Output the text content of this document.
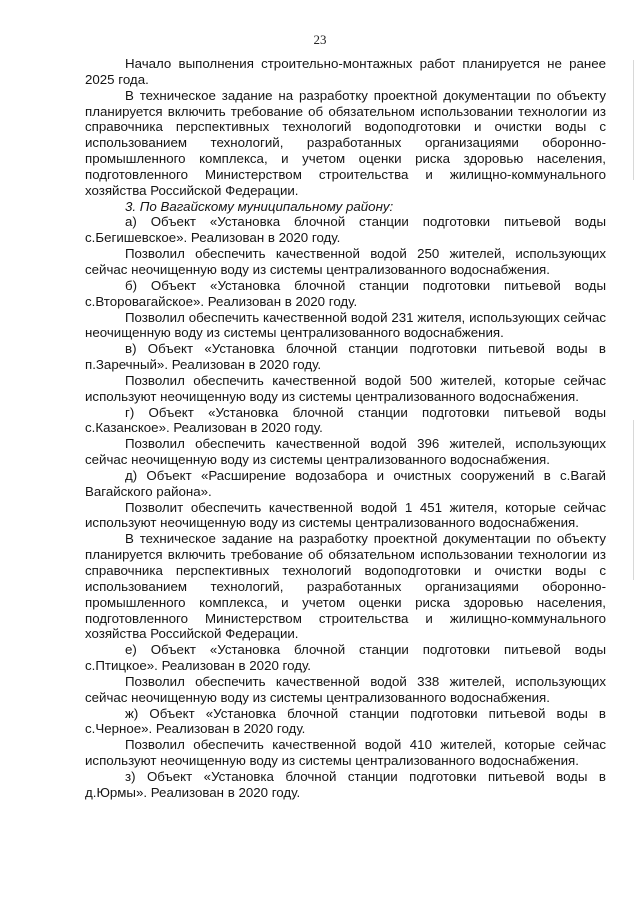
23

Начало выполнения строительно-монтажных работ планируется не ранее 2025 года.

В техническое задание на разработку проектной документации по объекту планируется включить требование об обязательном использовании технологии из справочника перспективных технологий водоподготовки и очистки воды с использованием технологий, разработанных организациями оборонно-промышленного комплекса, и учетом оценки риска здоровью населения, подготовленного Министерством строительства и жилищно-коммунального хозяйства Российской Федерации.

3. По Вагайскому муниципальному району:

а) Объект «Установка блочной станции подготовки питьевой воды с.Бегишевское». Реализован в 2020 году.

Позволил обеспечить качественной водой 250 жителей, использующих сейчас неочищенную воду из системы централизованного водоснабжения.

б) Объект «Установка блочной станции подготовки питьевой воды с.Второвагайское». Реализован в 2020 году.

Позволил обеспечить качественной водой 231 жителя, использующих сейчас неочищенную воду из системы централизованного водоснабжения.

в) Объект «Установка блочной станции подготовки питьевой воды в п.Заречный». Реализован в 2020 году.

Позволил обеспечить качественной водой 500 жителей, которые сейчас используют неочищенную воду из системы централизованного водоснабжения.

г) Объект «Установка блочной станции подготовки питьевой воды с.Казанское». Реализован в 2020 году.

Позволил обеспечить качественной водой 396 жителей, использующих сейчас неочищенную воду из системы централизованного водоснабжения.

д) Объект «Расширение водозабора и очистных сооружений в с.Вагай Вагайского района».

Позволит обеспечить качественной водой 1 451 жителя, которые сейчас используют неочищенную воду из системы централизованного водоснабжения.

В техническое задание на разработку проектной документации по объекту планируется включить требование об обязательном использовании технологии из справочника перспективных технологий водоподготовки и очистки воды с использованием технологий, разработанных организациями оборонно-промышленного комплекса, и учетом оценки риска здоровью населения, подготовленного Министерством строительства и жилищно-коммунального хозяйства Российской Федерации.

е) Объект «Установка блочной станции подготовки питьевой воды с.Птицкое». Реализован в 2020 году.

Позволил обеспечить качественной водой 338 жителей, использующих сейчас неочищенную воду из системы централизованного водоснабжения.

ж) Объект «Установка блочной станции подготовки питьевой воды в с.Черное». Реализован в 2020 году.

Позволил обеспечить качественной водой 410 жителей, которые сейчас используют неочищенную воду из системы централизованного водоснабжения.

з) Объект «Установка блочной станции подготовки питьевой воды в д.Юрмы». Реализован в 2020 году.
